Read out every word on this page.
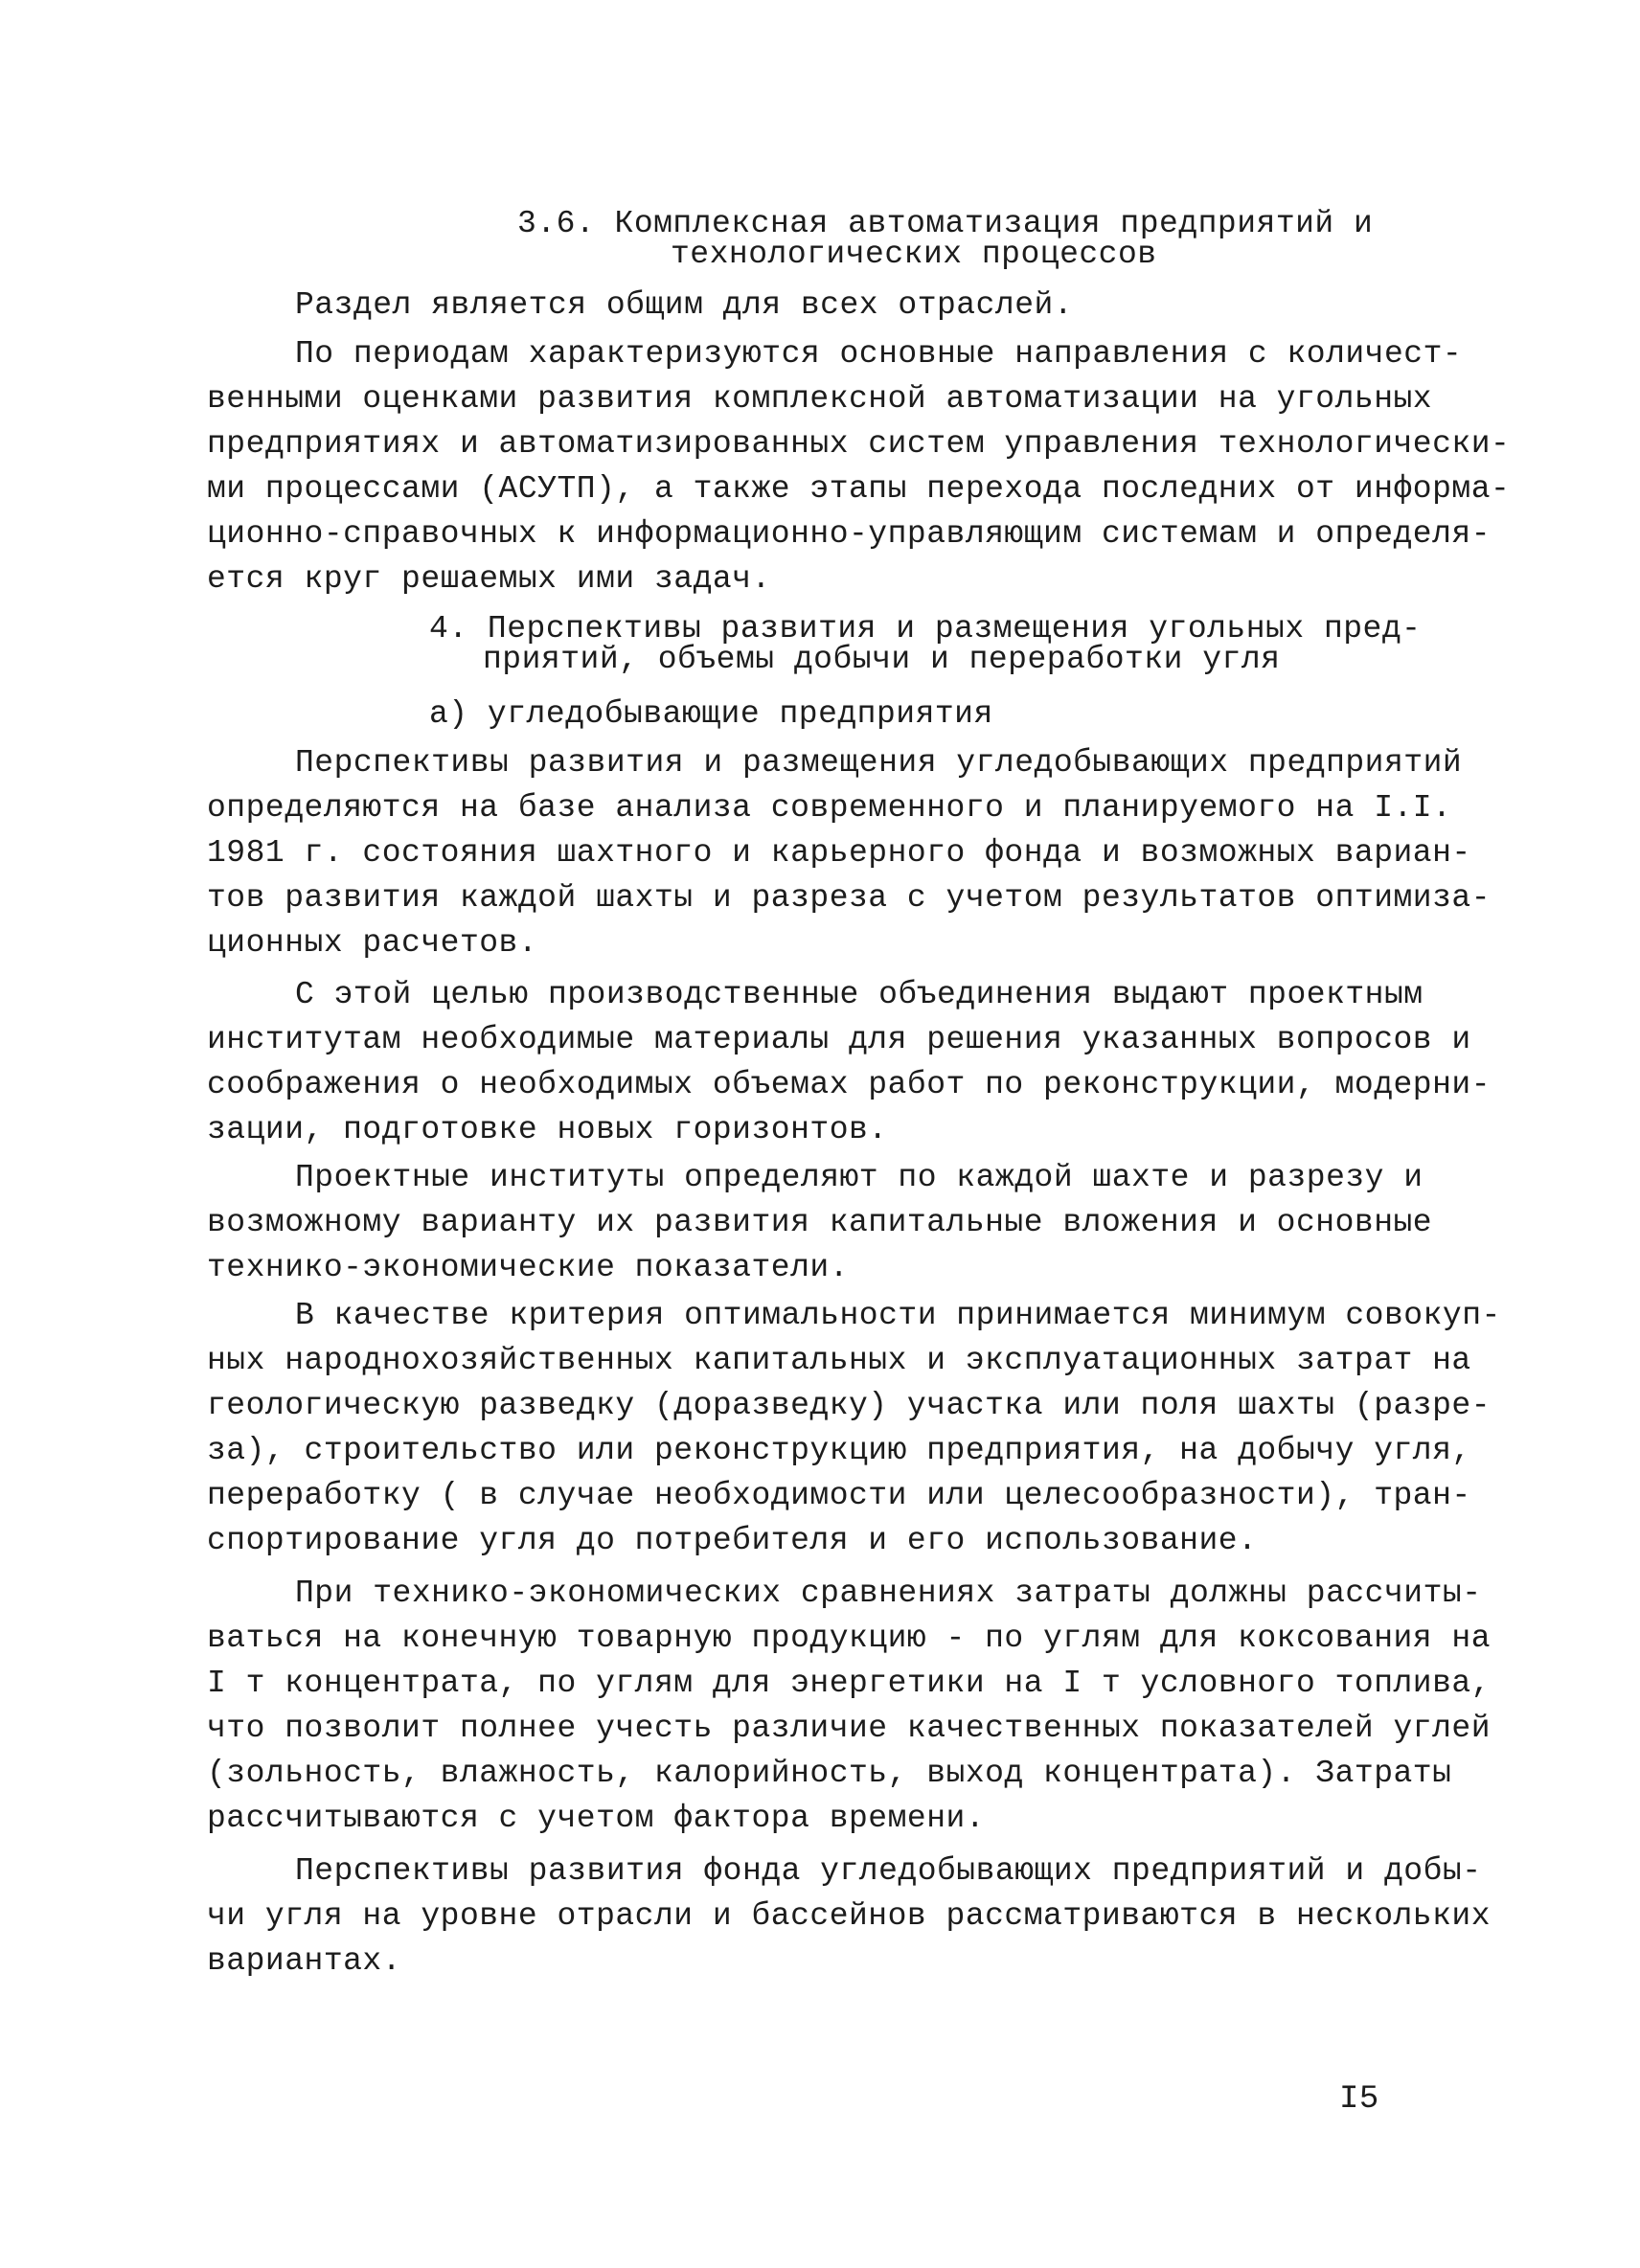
3.6. Комплексная автоматизация предприятий и
технологических процессов
Раздел является общим для всех отраслей.
По периодам характеризуются основные направления с количест-
венными оценками развития комплексной автоматизации на угольных
предприятиях и автоматизированных систем управления технологически-
ми процессами (АСУТП), а также этапы перехода последних от информа-
ционно-справочных к информационно-управляющим системам и определя-
ется круг решаемых ими задач.
4. Перспективы развития и размещения угольных пред-
приятий, объемы добычи и переработки угля
а) угледобывающие предприятия
Перспективы развития и размещения угледобывающих предприятий
определяются на базе анализа современного и планируемого на I.I.
1981 г. состояния шахтного и карьерного фонда и возможных вариан-
тов развития каждой шахты и разреза с учетом результатов оптимиза-
ционных расчетов.
С этой целью производственные объединения выдают проектным
институтам необходимые материалы для решения указанных вопросов и
соображения о необходимых объемах работ по реконструкции, модерни-
зации, подготовке новых горизонтов.
Проектные институты определяют по каждой шахте и разрезу и
возможному варианту их развития капитальные вложения и основные
технико-экономические показатели.
В качестве критерия оптимальности принимается минимум совокуп-
ных народнохозяйственных капитальных и эксплуатационных затрат на
геологическую разведку (доразведку) участка или поля шахты (разре-
за), строительство или реконструкцию предприятия, на добычу угля,
переработку ( в случае необходимости или целесообразности), тран-
спортирование угля до потребителя и его использование.
При технико-экономических сравнениях затраты должны рассчиты-
ваться на конечную товарную продукцию - по углям для коксования на
I т концентрата, по углям для энергетики на I т условного топлива,
что позволит полнее учесть различие качественных показателей углей
(зольность, влажность, калорийность, выход концентрата). Затраты
рассчитываются с учетом фактора времени.
Перспективы развития фонда угледобывающих предприятий и добы-
чи угля на уровне отрасли и бассейнов рассматриваются в нескольких
вариантах.
I5
